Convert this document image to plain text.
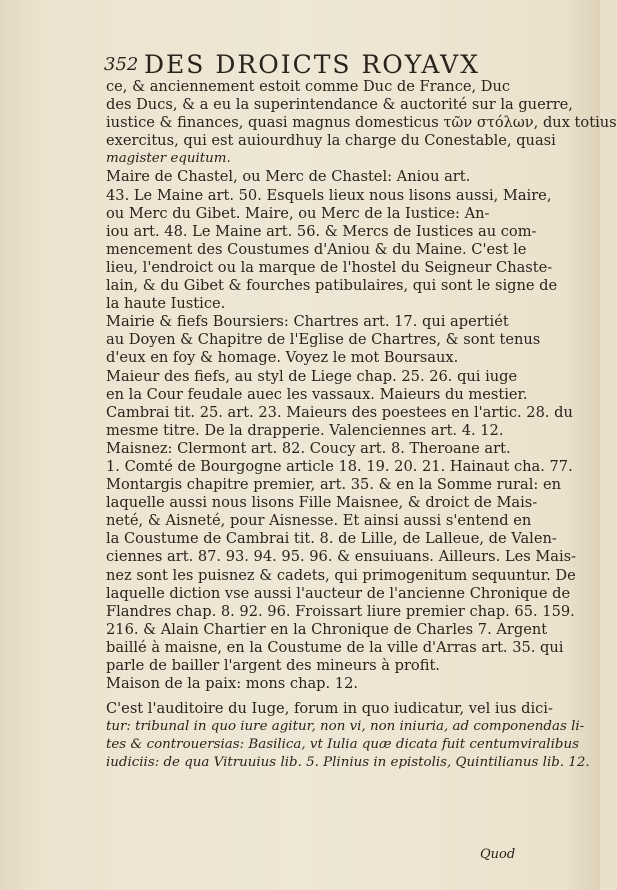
352 DES DROICTS ROYAVX
ce, & anciennement estoit comme Duc de France, Duc
des Ducs, & a eu la superintendance & auctorité sur la guerre,
iustice & finances, quasi magnus domesticus τῶν στόλων, dux totius
exercitus, qui est auiourdhuy la charge du Conestable, quasi
magister equitum.
Maire de Chastel, ou Merc de Chastel: Aniou art.
43. Le Maine art. 50. Esquels lieux nous lisons aussi, Maire,
ou Merc du Gibet. Maire, ou Merc de la Iustice: An-
iou art. 48. Le Maine art. 56. & Mercs de Iustices au com-
mencement des Coustumes d'Aniou & du Maine. C'est le
lieu, l'endroict ou la marque de l'hostel du Seigneur Chaste-
lain, & du Gibet & fourches patibulaires, qui sont le signe de
la haute Iustice.
Mairie & fiefs Boursiers: Chartres art. 17. qui apertiét
au Doyen & Chapitre de l'Eglise de Chartres, & sont tenus
d'eux en foy & homage. Voyez le mot Boursaux.
Maieur des fiefs, au styl de Liege chap. 25. 26. qui iuge
en la Cour feudale auec les vassaux. Maieurs du mestier.
Cambrai tit. 25. art. 23. Maieurs des poestees en l'artic. 28. du
mesme titre. De la drapperie. Valenciennes art. 4. 12.
Maisnez: Clermont art. 82. Coucy art. 8. Theroane art.
1. Comté de Bourgogne article 18. 19. 20. 21. Hainaut cha. 77.
Montargis chapitre premier, art. 35. & en la Somme rural: en
laquelle aussi nous lisons Fille Maisnee, & droict de Mais-
neté, & Aisneté, pour Aisnesse. Et ainsi aussi s'entend en
la Coustume de Cambrai tit. 8. de Lille, de Lalleue, de Valen-
ciennes art. 87. 93. 94. 95. 96. & ensuiuans. Ailleurs. Les Mais-
nez sont les puisnez & cadets, qui primogenitum sequuntur. De
laquelle diction vse aussi l'aucteur de l'ancienne Chronique de
Flandres chap. 8. 92. 96. Froissart liure premier chap. 65. 159.
216. & Alain Chartier en la Chronique de Charles 7. Argent
baillé à maisne, en la Coustume de la ville d'Arras art. 35. qui
parle de bailler l'argent des mineurs à profit.
Maison de la paix: mons chap. 12.
C'est l'auditoire du Iuge, forum in quo iudicatur, vel ius dici-
tur: tribunal in quo iure agitur, non vi, non iniuria, ad componendas li-
tes & controuersias: Basilica, vt Iulia quæ dicata fuit centumviralibus
iudiciis: de qua Vitruuius lib. 5. Plinius in epistolis, Quintilianus lib. 12.
Quod
